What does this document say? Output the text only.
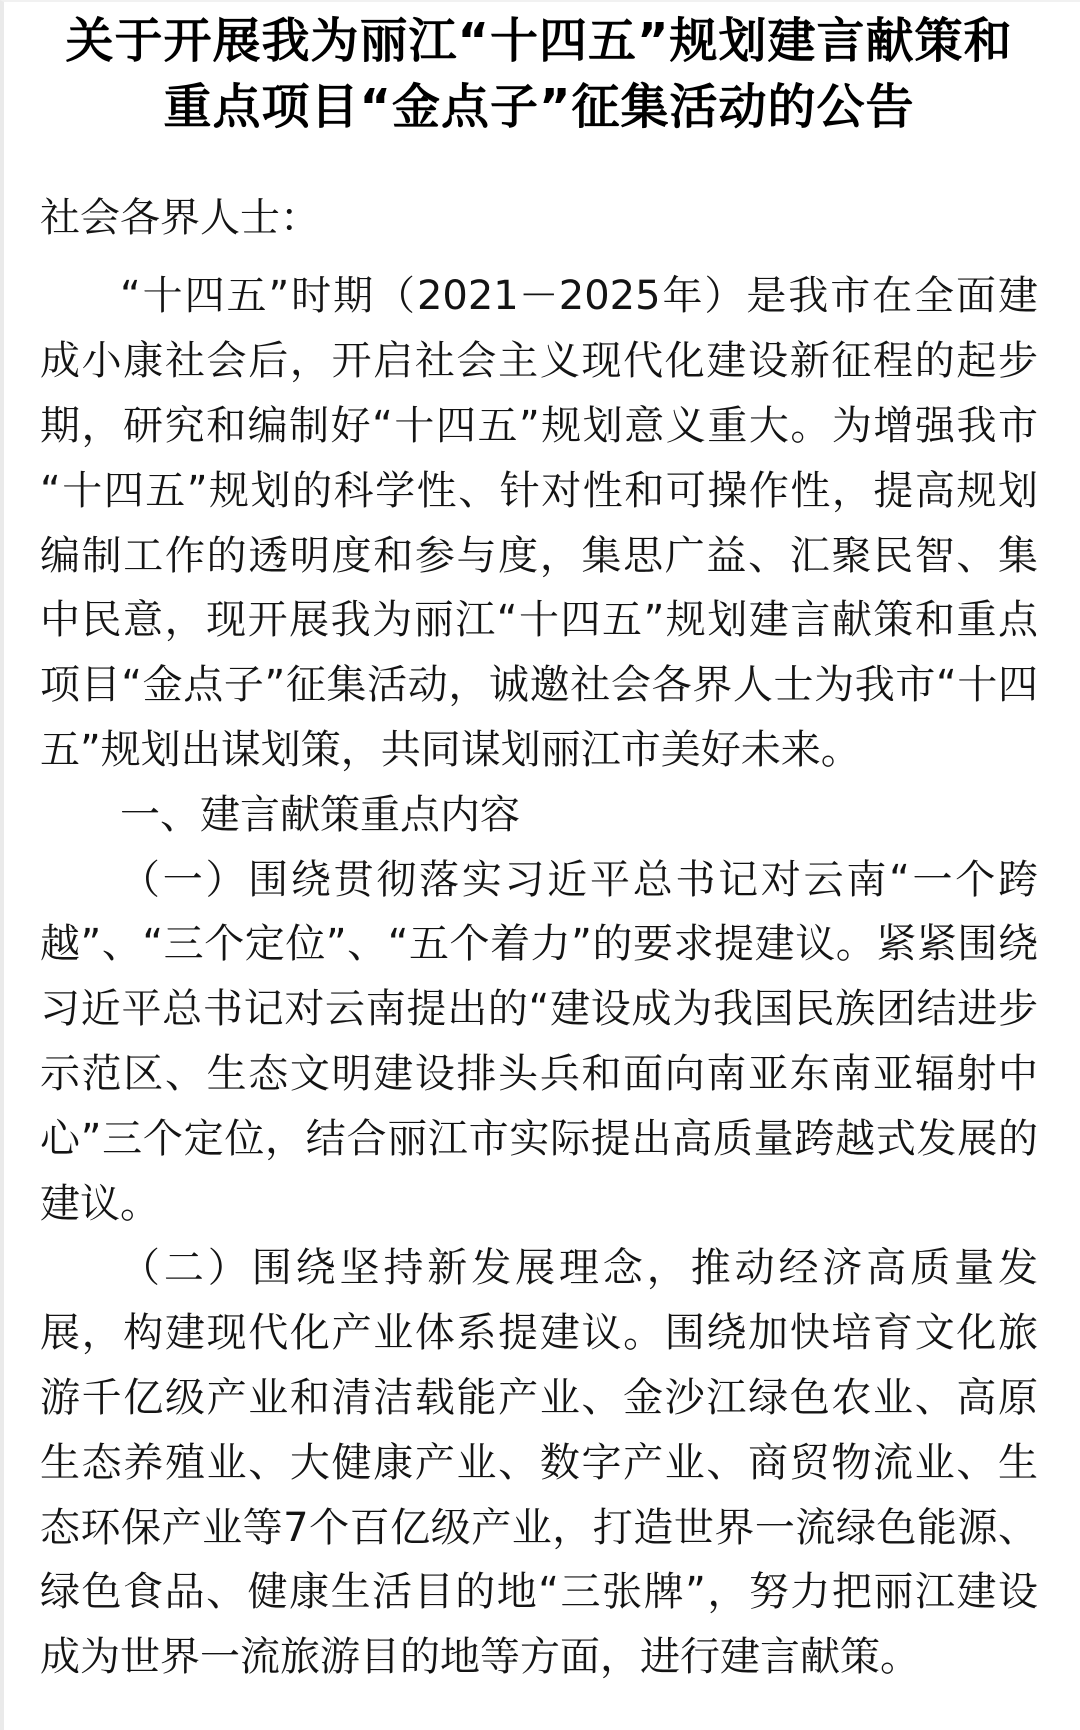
关于开展我为丽江“十四五”规划建言献策和
重点项目“金点子”征集活动的公告

社会各界人士：

“十四五”时期（2021－2025年）是我市在全面建成小康社会后，开启社会主义现代化建设新征程的起步期，研究和编制好“十四五”规划意义重大。为增强我市“十四五”规划的科学性、针对性和可操作性，提高规划编制工作的透明度和参与度，集思广益、汇聚民智、集中民意，现开展我为丽江“十四五”规划建言献策和重点项目“金点子”征集活动，诚邀社会各界人士为我市“十四五”规划出谋划策，共同谋划丽江市美好未来。

一、建言献策重点内容

（一）围绕贯彻落实习近平总书记对云南“一个跨越”、“三个定位”、“五个着力”的要求提建议。紧紧围绕习近平总书记对云南提出的“建设成为我国民族团结进步示范区、生态文明建设排头兵和面向南亚东南亚辐射中心”三个定位，结合丽江市实际提出高质量跨越式发展的建议。

（二）围绕坚持新发展理念，推动经济高质量发展，构建现代化产业体系提建议。围绕加快培育文化旅游千亿级产业和清洁载能产业、金沙江绿色农业、高原生态养殖业、大健康产业、数字产业、商贸物流业、生态环保产业等7个百亿级产业，打造世界一流绿色能源、绿色食品、健康生活目的地“三张牌”，努力把丽江建设成为世界一流旅游目的地等方面，进行建言献策。
